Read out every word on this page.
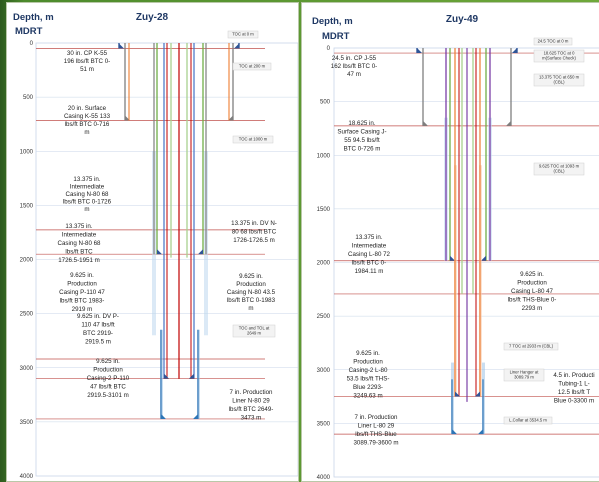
Depth, m
MDRT
Zuy-28
0
500
1000
1500
2000
2500
3000
3500
4000
30 in. CP K-55 196 lbs/ft BTC 0-51 m
20 in. Surface Casing K-55 133 lbs/ft BTC 0-716 m
13.375 in. Intermediate Casing N-80 68 lbs/ft BTC 0-1726 m
13.375 in. Intermediate Casing N-80 68 lbs/ft BTC 1726.5-1951 m
9.625 in. Production Casing P-110 47 lbs/ft BTC 1983-2919 m
9.625 in. DV P-110 47 lbs/ft BTC 2919-2919.5 m
9.625 in. Production Casing-2 P-110 47 lbs/ft BTC 2919.5-3101 m
13.375 in. DV N-80 68 lbs/ft BTC 1726-1726.5 m
9.625 in. Production Casing N-80 43.5 lbs/ft BTC 0-1983 m
7 in. Production Liner N-80 29 lbs/ft BTC 2649-3473 m
TOC at 0 m
TOC at 200 m
TOC at 1000 m
TOC and TOL at 2649 m
Depth, m
MDRT
Zuy-49
0
500
1000
1500
2000
2500
3000
3500
4000
24.5 in. CP J-55 162 lbs/ft BTC 0-47 m
18.625 in. Surface Casing J-55 94.5 lbs/ft BTC 0-726 m
13.375 in. Intermediate Casing L-80 72 lbs/ft BTC 0-1984.11 m
9.625 in. Production Casing-2 L-80 53.5 lbs/ft THS-Blue 2293-3249.63 m
7 in. Production Liner L-80 29 lbs/ft THS-Blue 3089.79-3600 m
9.625 in. Production Casing L-80 47 lbs/ft THS-Blue 0-2293 m
4.5 in. Producti Tubing-1 L-12.5 lbs/ft T Blue 0-3300 m
24.5 TOC at 0 m
18.625 TOC at 0 m(Surface Check)
13.375 TOC at 650 m (CBL)
9.625 TOC at 1093 m (CBL)
7 TOC at 2933 m (CBL)
Liner Hanger at 3089.79 m
L.Collar at 3534.5 m
